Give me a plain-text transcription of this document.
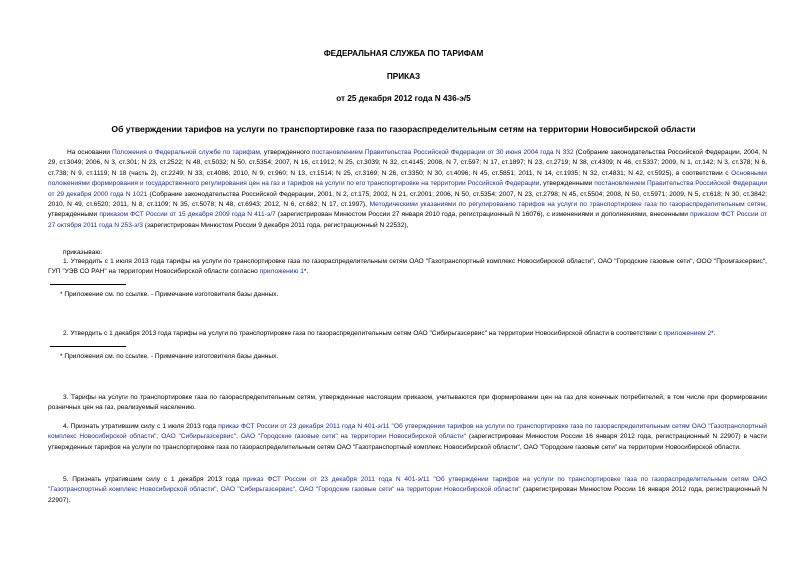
ФЕДЕРАЛЬНАЯ СЛУЖБА ПО ТАРИФАМ
ПРИКАЗ
от 25 декабря 2012 года N 436-э/5
Об утверждении тарифов на услуги по транспортировке газа по газораспределительным сетям на территории Новосибирской области

На основании Положения о Федеральной службе по тарифам, утвержденного постановлением Правительства Российской Федерации от 30 июня 2004 года N 332 (Собрание законодательства Российской Федерации, 2004, N 29, ст.3049; 2006, N 3, ст.301; N 23, ст.2522; N 48, ст.5032; N 50, ст.5354; 2007, N 16, ст.1912; N 25, ст.3039; N 32, ст.4145; 2008, N 7, ст.597; N 17, ст.1897; N 23, ст.2719; N 38, ст.4309; N 46, ст.5337; 2009, N 1, ст.142; N 3, ст.378; N 6, ст.738; N 9, ст.1119; N 18 (часть 2), ст.2249; N 33, ст.4086; 2010, N 9, ст.960; N 13, ст.1514; N 25, ст.3169; N 26, ст.3350; N 30, ст.4096; N 45, ст.5851; 2011, N 14, ст.1935; N 32, ст.4831; N 42, ст.5925), в соответствии с Основными положениями формирования и государственного регулирования цен на газ и тарифов на услуги по его транспортировке на территории Российской Федерации, утвержденными постановлением Правительства Российской Федерации от 29 декабря 2000 года N 1021 (Собрание законодательства Российской Федерации, 2001, N 2, ст.175; 2002, N 21, ст.2001; 2006, N 50, ст.5354; 2007, N 23, ст.2798; N 45, ст.5504; 2008, N 50, ст.5971; 2009, N 5, ст.618; N 30, ст.3842; 2010, N 49, ст.6520; 2011, N 8, ст.1109; N 35, ст.5078; N 48, ст.6943; 2012, N 6, ст.682; N 17, ст.1997), Методическими указаниями по регулированию тарифов на услуги по транспортировке газа по газораспределительным сетям, утвержденными приказом ФСТ России от 15 декабря 2009 года N 411-э/7 (зарегистрирован Минюстом России 27 января 2010 года, регистрационный N 16076), с изменениями и дополнениями, внесенными приказом ФСТ России от 27 октября 2011 года N 253-э/3 (зарегистрирован Минюстом России 9 декабря 2011 года, регистрационный N 22532),

приказываю:

1. Утвердить с 1 июля 2013 года тарифы на услуги по транспортировке газа по газораспределительным сетям ОАО "Газотранспортный комплекс Новосибирской области", ОАО "Городские газовые сети", ООО "Промгазсервис", ГУП "УЭВ СО РАН" на территории Новосибирской области согласно приложению 1*.

* Приложение см. по ссылке. - Примечание изготовителя базы данных.

2. Утвердить с 1 декабря 2013 года тарифы на услуги по транспортировке газа по газораспределительным сетям ОАО "Сибирьгазсервис" на территории Новосибирской области в соответствии с приложением 2*.

* Приложения см. по ссылке. - Примечание изготовителя базы данных.

3. Тарифы на услуги по транспортировке газа по газораспределительным сетям, утвержденные настоящим приказом, учитываются при формировании цен на газ для конечных потребителей, в том числе при формировании розничных цен на газ, реализуемый населению.

4. Признать утратившим силу с 1 июля 2013 года приказ ФСТ России от 23 декабря 2011 года N 401-э/11 "Об утверждении тарифов на услуги по транспортировке газа по газораспределительным сетям ОАО "Газотранспортный комплекс Новосибирской области", ОАО "Сибирьгазсервис", ОАО "Городские газовые сети" на территории Новосибирской области" (зарегистрирован Минюстом России 16 января 2012 года, регистрационный N 22907) в части утвержденных тарифов на услуги по транспортировке газа по газораспределительным сетям ОАО "Газотранспортный комплекс Новосибирской области", ОАО "Городские газовые сети" на территории Новосибирской области.

5. Признать утратившим силу с 1 декабря 2013 года приказ ФСТ России от 23 декабря 2011 года N 401-э/11 "Об утверждении тарифов на услуги по транспортировке газа по газораспределительным сетям ОАО "Газотранспортный комплекс Новосибирской области", ОАО "Сибирьгазсервис", ОАО "Городские газовые сети" на территории Новосибирской области" (зарегистрирован Минюстом России 16 января 2012 года, регистрационный N 22907).
